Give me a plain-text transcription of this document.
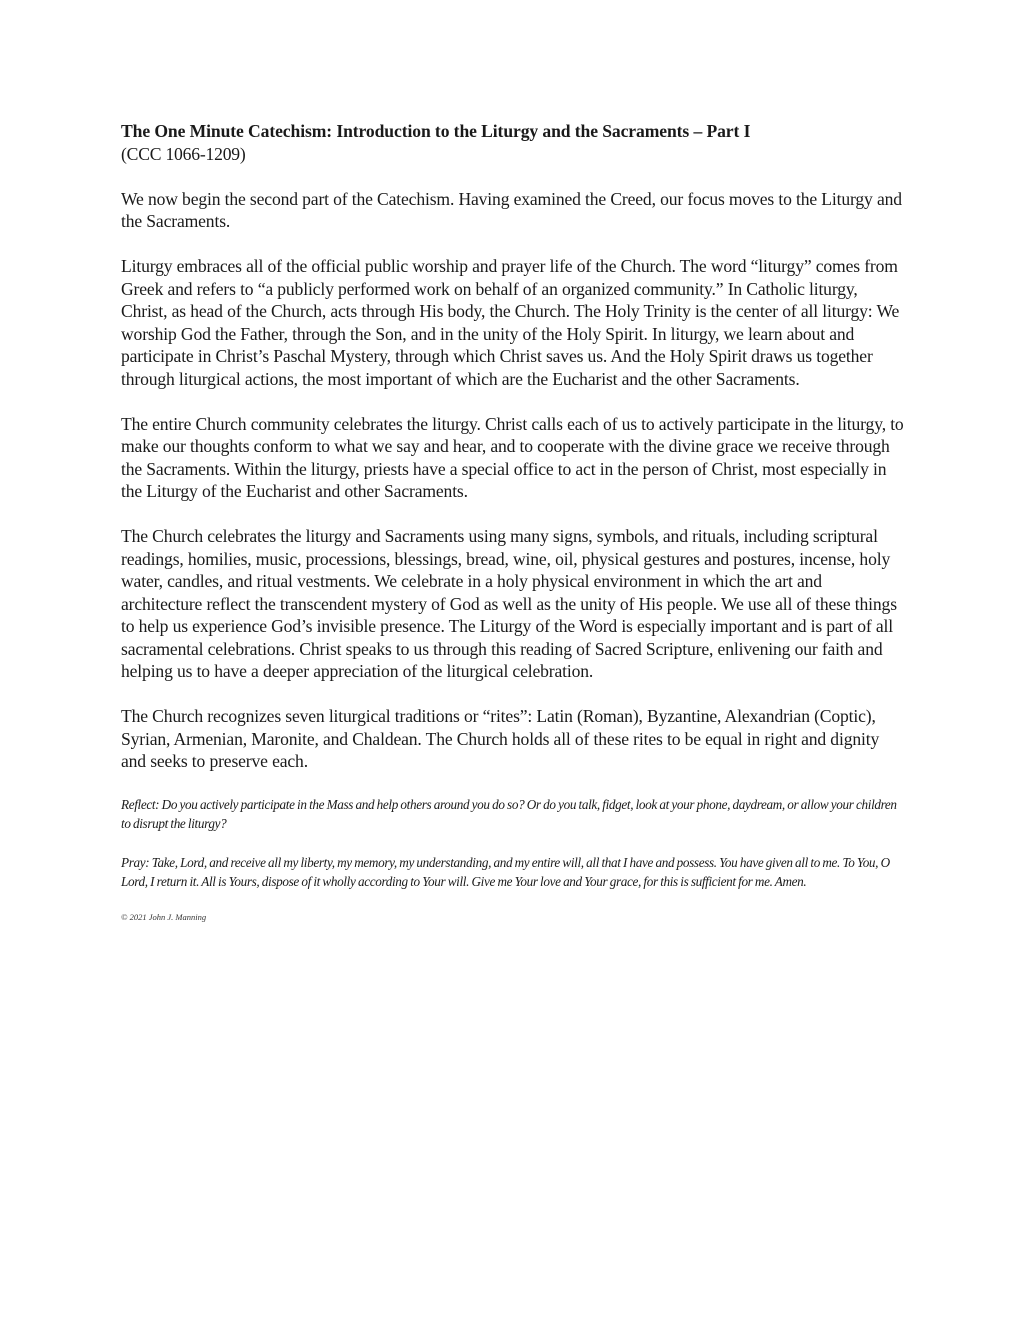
The One Minute Catechism: Introduction to the Liturgy and the Sacraments – Part I

(CCC 1066-1209)

We now begin the second part of the Catechism. Having examined the Creed, our focus moves to the Liturgy and the Sacraments.

Liturgy embraces all of the official public worship and prayer life of the Church. The word “liturgy” comes from Greek and refers to “a publicly performed work on behalf of an organized community.” In Catholic liturgy, Christ, as head of the Church, acts through His body, the Church. The Holy Trinity is the center of all liturgy: We worship God the Father, through the Son, and in the unity of the Holy Spirit. In liturgy, we learn about and participate in Christ’s Paschal Mystery, through which Christ saves us. And the Holy Spirit draws us together through liturgical actions, the most important of which are the Eucharist and the other Sacraments.

The entire Church community celebrates the liturgy. Christ calls each of us to actively participate in the liturgy, to make our thoughts conform to what we say and hear, and to cooperate with the divine grace we receive through the Sacraments. Within the liturgy, priests have a special office to act in the person of Christ, most especially in the Liturgy of the Eucharist and other Sacraments.

The Church celebrates the liturgy and Sacraments using many signs, symbols, and rituals, including scriptural readings, homilies, music, processions, blessings, bread, wine, oil, physical gestures and postures, incense, holy water, candles, and ritual vestments. We celebrate in a holy physical environment in which the art and architecture reflect the transcendent mystery of God as well as the unity of His people. We use all of these things to help us experience God’s invisible presence. The Liturgy of the Word is especially important and is part of all sacramental celebrations. Christ speaks to us through this reading of Sacred Scripture, enlivening our faith and helping us to have a deeper appreciation of the liturgical celebration.

The Church recognizes seven liturgical traditions or “rites”: Latin (Roman), Byzantine, Alexandrian (Coptic), Syrian, Armenian, Maronite, and Chaldean. The Church holds all of these rites to be equal in right and dignity and seeks to preserve each.

Reflect: Do you actively participate in the Mass and help others around you do so? Or do you talk, fidget, look at your phone, daydream, or allow your children to disrupt the liturgy?

Pray: Take, Lord, and receive all my liberty, my memory, my understanding, and my entire will, all that I have and possess. You have given all to me. To You, O Lord, I return it. All is Yours, dispose of it wholly according to Your will. Give me Your love and Your grace, for this is sufficient for me. Amen.

© 2021 John J. Manning
